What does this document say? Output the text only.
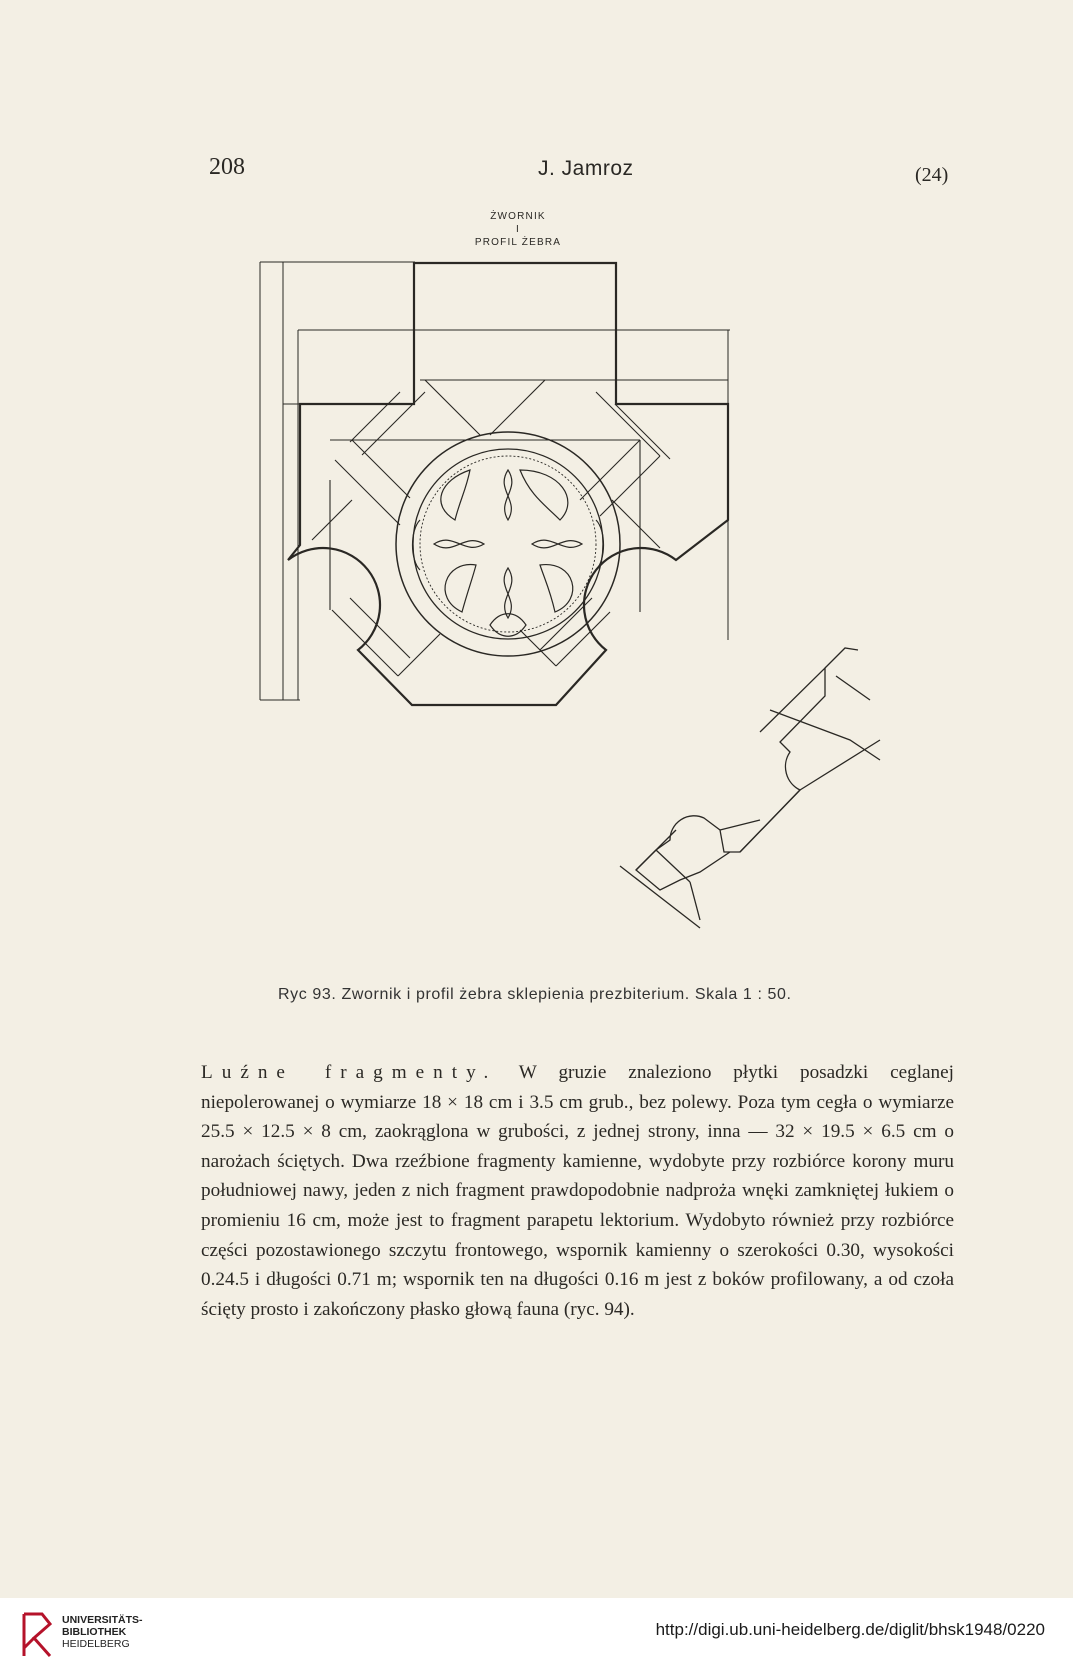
208	J. Jamroz	(24)
ŻWORNIK
I
PROFIL ŻEBRA
Ryc 93. Zwornik i profil żebra sklepienia prezbiterium. Skala 1 : 50.
Luźne fragmenty. W gruzie znaleziono płytki posadzki ceglanej niepolerowanej o wymiarze 18 × 18 cm i 3.5 cm grub., bez polewy. Poza tym cegła o wymiarze 25.5 × 12.5 × 8 cm, zaokrąglona w grubości, z jednej strony, inna — 32 × 19.5 × 6.5 cm o narożach ściętych. Dwa rzeźbione fragmenty kamienne, wydobyte przy rozbiórce korony muru południowej nawy, jeden z nich fragment prawdopodobnie nadproża wnęki zamkniętej łukiem o promieniu 16 cm, może jest to fragment parapetu lektorium. Wydobyto również przy rozbiórce części pozostawionego szczytu frontowego, wspornik kamienny o szerokości 0.30, wysokości 0.24.5 i długości 0.71 m; wspornik ten na długości 0.16 m jest z boków profilowany, a od czoła ścięty prosto i zakończony płasko głową fauna (ryc. 94).
UNIVERSITÄTS-
BIBLIOTHEK
HEIDELBERG
http://digi.ub.uni-heidelberg.de/diglit/bhsk1948/0220
